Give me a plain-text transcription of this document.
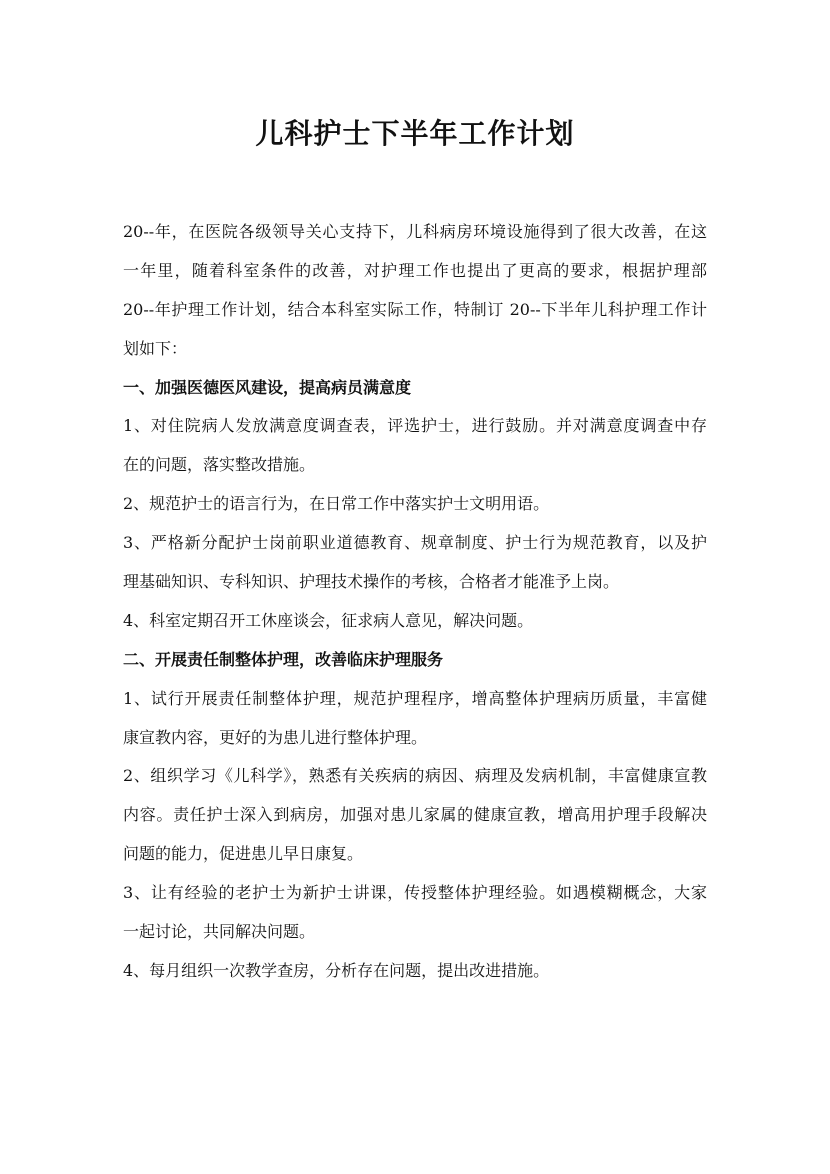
儿科护士下半年工作计划
20--年，在医院各级领导关心支持下，儿科病房环境设施得到了很大改善，在这
一年里，随着科室条件的改善，对护理工作也提出了更高的要求，根据护理部
20--年护理工作计划，结合本科室实际工作，特制订 20--下半年儿科护理工作计
划如下：
一、加强医德医风建设，提高病员满意度
1、对住院病人发放满意度调查表，评选护士，进行鼓励。并对满意度调查中存
在的问题，落实整改措施。
2、规范护士的语言行为，在日常工作中落实护士文明用语。
3、严格新分配护士岗前职业道德教育、规章制度、护士行为规范教育，以及护
理基础知识、专科知识、护理技术操作的考核，合格者才能准予上岗。
4、科室定期召开工休座谈会，征求病人意见，解决问题。
二、开展责任制整体护理，改善临床护理服务
1、试行开展责任制整体护理，规范护理程序，增高整体护理病历质量，丰富健
康宣教内容，更好的为患儿进行整体护理。
2、组织学习《儿科学》，熟悉有关疾病的病因、病理及发病机制，丰富健康宣教
内容。责任护士深入到病房，加强对患儿家属的健康宣教，增高用护理手段解决
问题的能力，促进患儿早日康复。
3、让有经验的老护士为新护士讲课，传授整体护理经验。如遇模糊概念，大家
一起讨论，共同解决问题。
4、每月组织一次教学查房，分析存在问题，提出改进措施。
